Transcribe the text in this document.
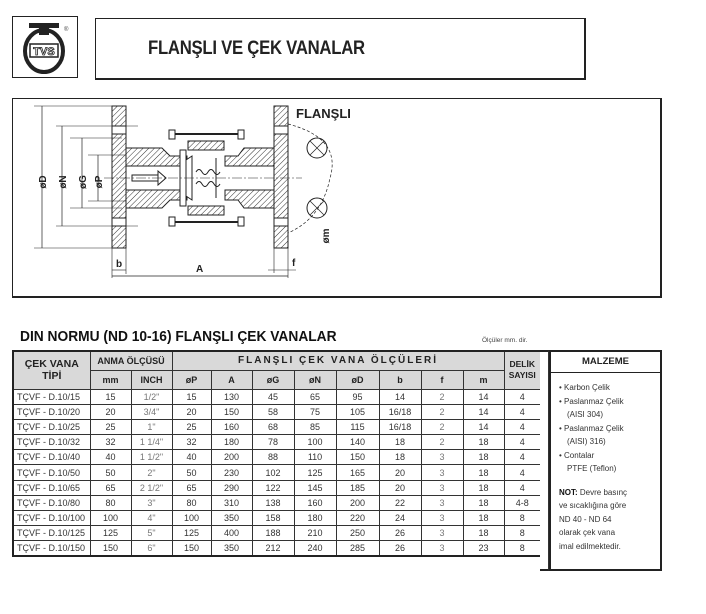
TVS
®
FLANŞLI VE ÇEK VANALAR
øD øN øG øP
øm
b	f
A
FLANŞLI
DIN NORMU (ND 10-16) FLANŞLI ÇEK VANALAR	Ölçüler mm. dir.
ÇEK VANA
TİPİ	ANMA ÖLÇÜSÜ		FLANŞLI ÇEK VANA ÖLÇÜLERİ								DELİK
SAYISI
	mm	INCH	øP	A	øG	øN	øD	b	f	m	
TÇVF - D.10/15	15	1/2"	15	130	45	65	95	14	2	14	4
TÇVF - D.10/20	20	3/4"	20	150	58	75	105	16/18	2	14	4
TÇVF - D.10/25	25	1"	25	160	68	85	115	16/18	2	14	4
TÇVF - D.10/32	32	1 1/4"	32	180	78	100	140	18	2	18	4
TÇVF - D.10/40	40	1 1/2"	40	200	88	110	150	18	3	18	4
TÇVF - D.10/50	50	2"	50	230	102	125	165	20	3	18	4
TÇVF - D.10/65	65	2 1/2"	65	290	122	145	185	20	3	18	4
TÇVF - D.10/80	80	3"	80	310	138	160	200	22	3	18	4-8
TÇVF - D.10/100	100	4"	100	350	158	180	220	24	3	18	8
TÇVF - D.10/125	125	5"	125	400	188	210	250	26	3	18	8
TÇVF - D.10/150	150	6"	150	350	212	240	285	26	3	23	8
MALZEME
• Karbon Çelik
• Paslanmaz Çelik
(AISI 304)
• Paslanmaz Çelik
(AISI) 316)
• Contalar
PTFE (Teflon)
NOT: Devre basınç
ve sıcaklığına göre
ND 40 - ND 64
olarak çek vana
imal edilmektedir.
